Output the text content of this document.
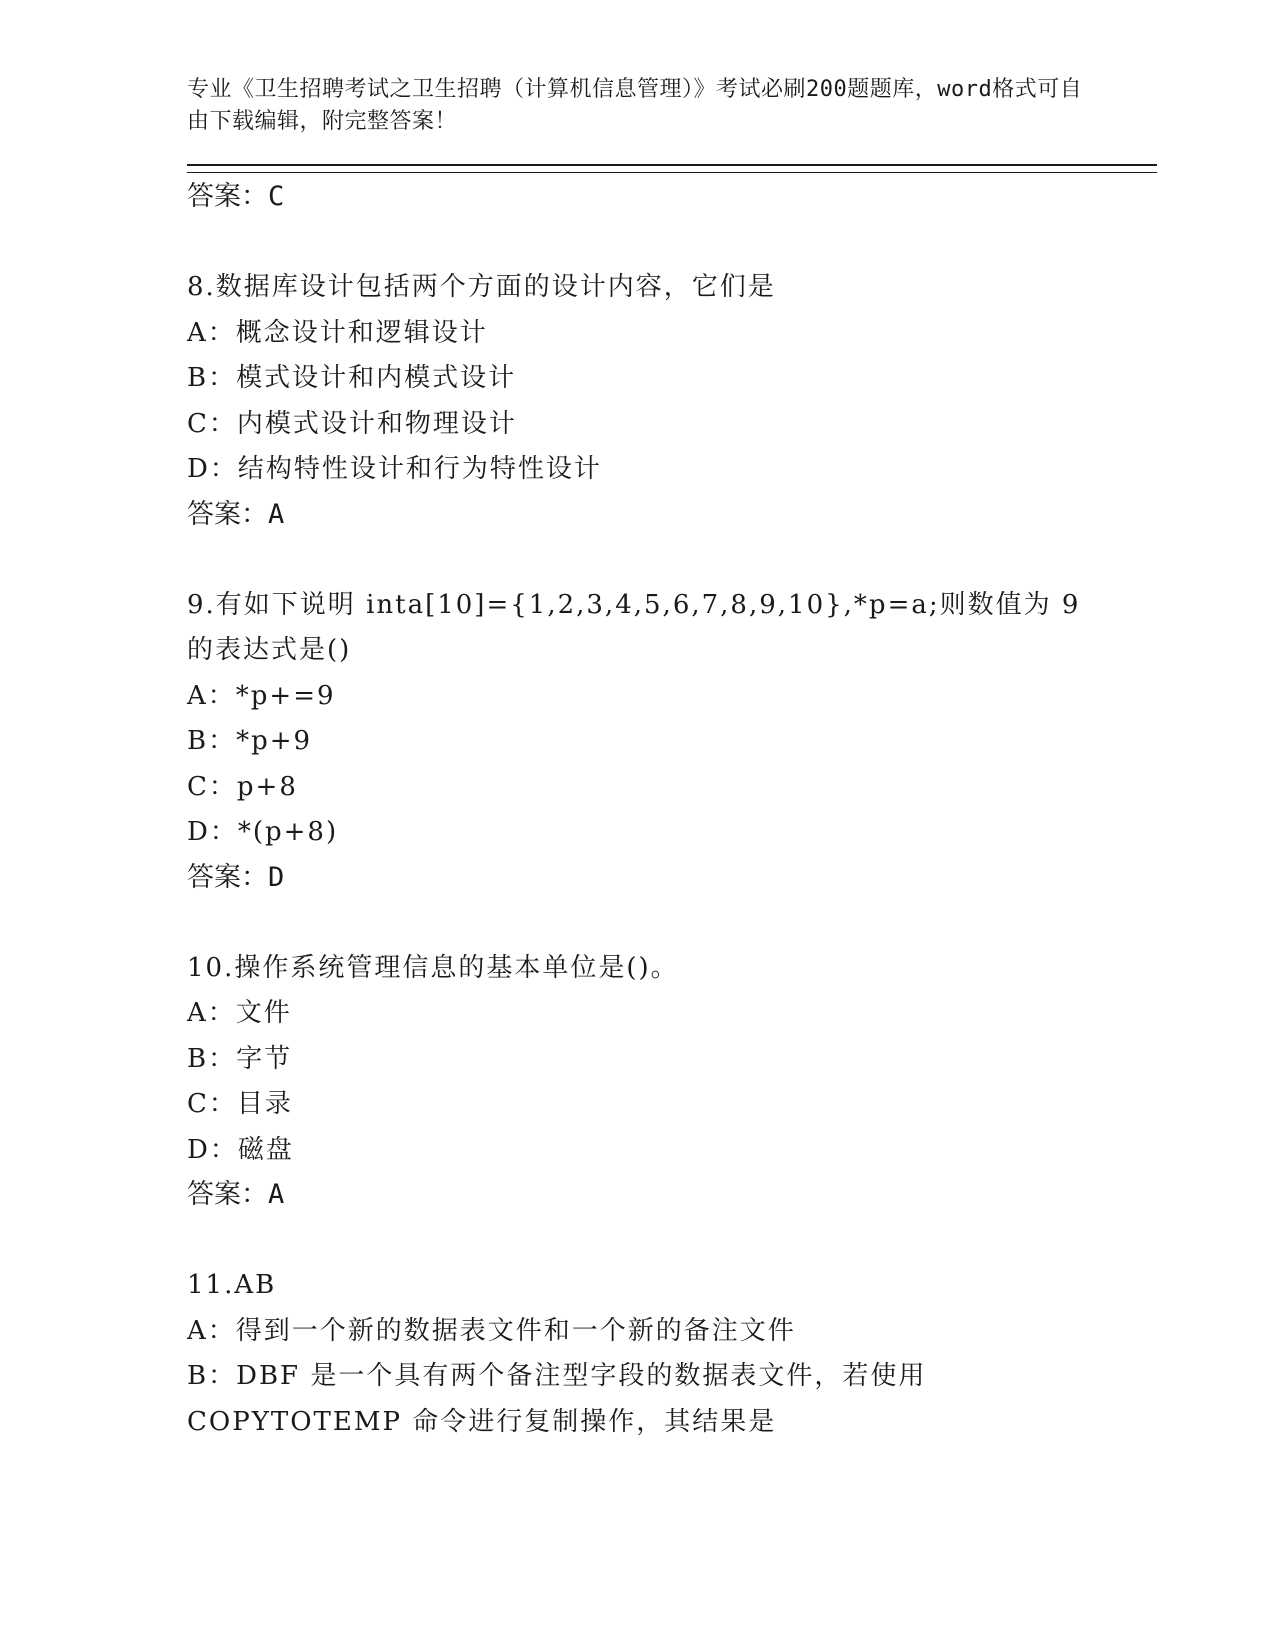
专业《卫生招聘考试之卫生招聘（计算机信息管理）》考试必刷200题题库，word格式可自由下载编辑，附完整答案！

答案：C
8.数据库设计包括两个方面的设计内容，它们是
A：概念设计和逻辑设计
B：模式设计和内模式设计
C：内模式设计和物理设计
D：结构特性设计和行为特性设计
答案：A
9.有如下说明 inta[10]={1,2,3,4,5,6,7,8,9,10},*p=a;则数值为 9 的表达式是()
A：*p+=9
B：*p+9
C：p+8
D：*(p+8)
答案：D
10.操作系统管理信息的基本单位是()。
A：文件
B：字节
C：目录
D：磁盘
答案：A
11.AB
A：得到一个新的数据表文件和一个新的备注文件
B：DBF 是一个具有两个备注型字段的数据表文件，若使用 COPYTOTEMP 命令进行复制操作，其结果是
